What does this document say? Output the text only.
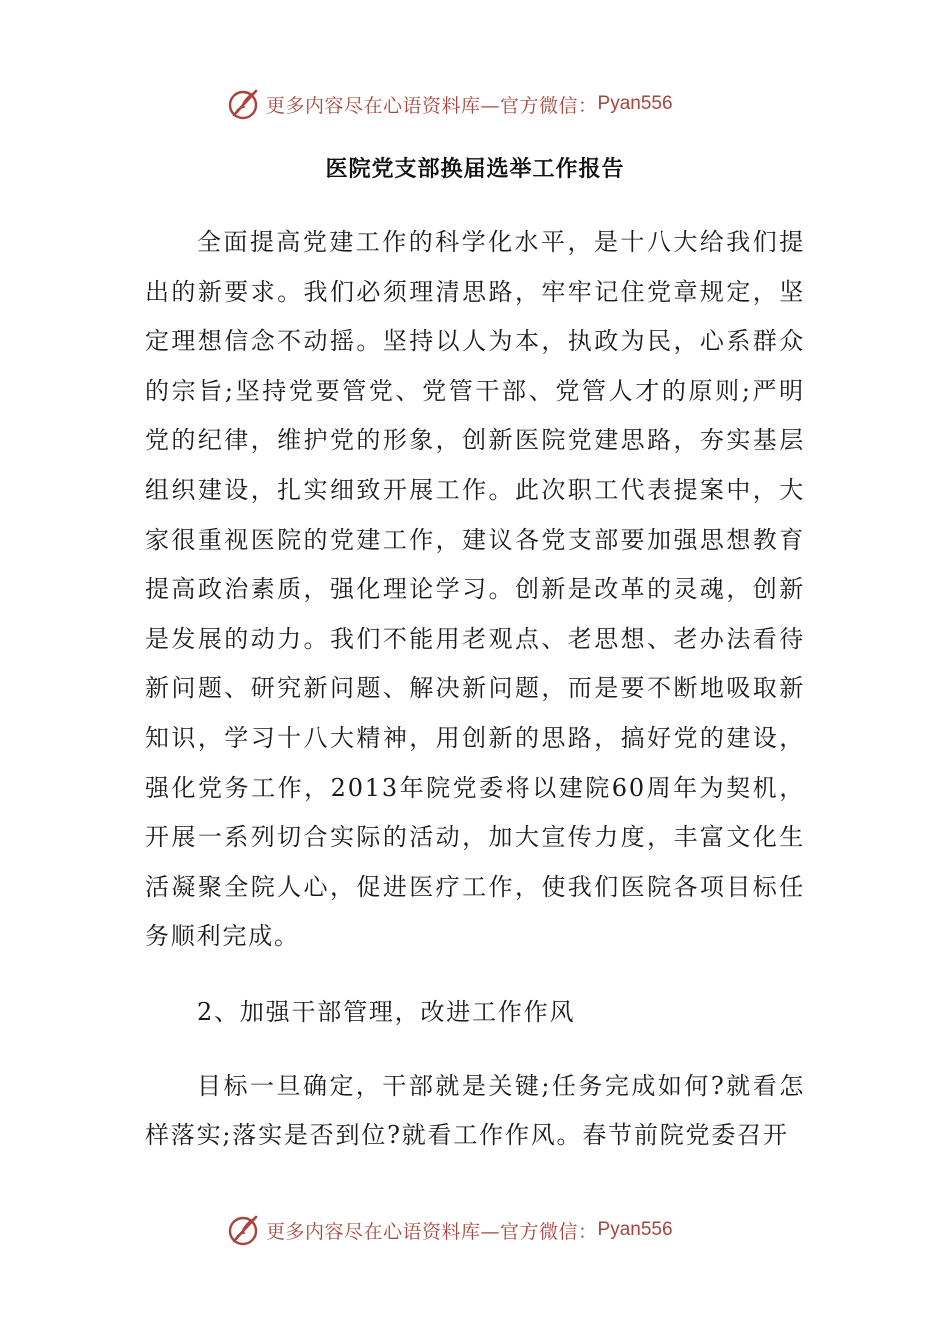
更多内容尽在心语资料库—官方微信： Pyan556
医院党支部换届选举工作报告

全面提高党建工作的科学化水平，是十八大给我们提出的新要求。我们必须理清思路，牢牢记住党章规定，坚定理想信念不动摇。坚持以人为本，执政为民，心系群众的宗旨;坚持党要管党、党管干部、党管人才的原则;严明党的纪律，维护党的形象，创新医院党建思路，夯实基层组织建设，扎实细致开展工作。此次职工代表提案中，大家很重视医院的党建工作，建议各党支部要加强思想教育提高政治素质，强化理论学习。创新是改革的灵魂，创新是发展的动力。我们不能用老观点、老思想、老办法看待新问题、研究新问题、解决新问题，而是要不断地吸取新知识，学习十八大精神，用创新的思路，搞好党的建设，强化党务工作，2013年院党委将以建院60周年为契机，开展一系列切合实际的活动，加大宣传力度，丰富文化生活凝聚全院人心，促进医疗工作，使我们医院各项目标任务顺利完成。

2、加强干部管理，改进工作作风

目标一旦确定，干部就是关键;任务完成如何?就看怎样落实;落实是否到位?就看工作作风。春节前院党委召开

更多内容尽在心语资料库—官方微信： Pyan556
